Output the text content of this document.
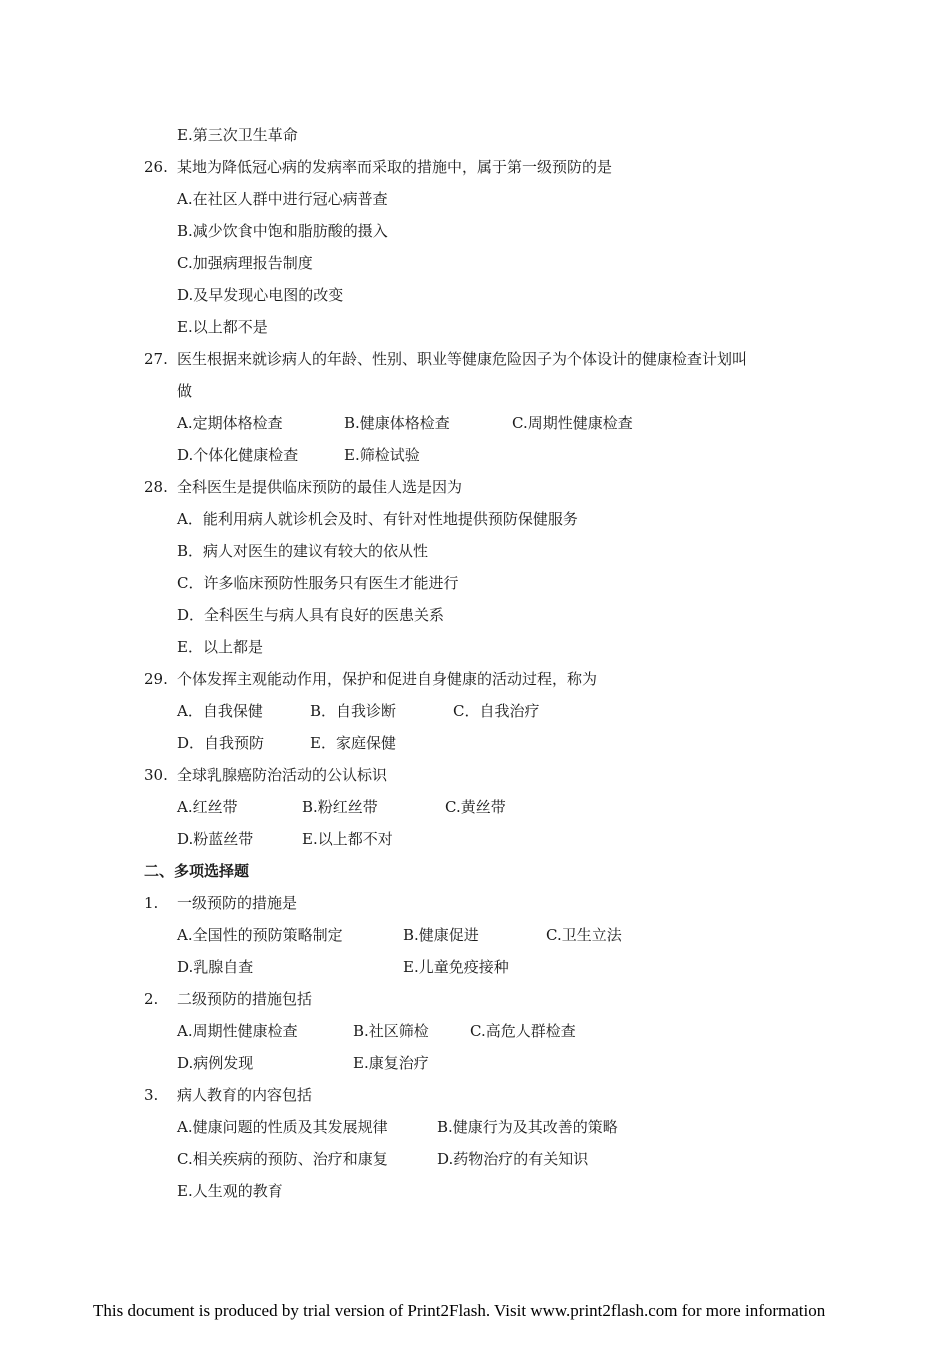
E.第三次卫生革命
26. 某地为降低冠心病的发病率而采取的措施中，属于第一级预防的是
A.在社区人群中进行冠心病普查
B.减少饮食中饱和脂肪酸的摄入
C.加强病理报告制度
D.及早发现心电图的改变
E.以上都不是
27. 医生根据来就诊病人的年龄、性别、职业等健康危险因子为个体设计的健康检查计划叫
做
A.定期体格检查	B.健康体格检查	C.周期性健康检查
D.个体化健康检查	E.筛检试验
28. 全科医生是提供临床预防的最佳人选是因为
A．能利用病人就诊机会及时、有针对性地提供预防保健服务
B．病人对医生的建议有较大的依从性
C．许多临床预防性服务只有医生才能进行
D．全科医生与病人具有良好的医患关系
E．以上都是
29. 个体发挥主观能动作用，保护和促进自身健康的活动过程，称为
A．自我保健	B．自我诊断	C．自我治疗
D．自我预防	E．家庭保健
30. 全球乳腺癌防治活动的公认标识
A.红丝带	B.粉红丝带	C.黄丝带
D.粉蓝丝带	E.以上都不对
二、多项选择题
1. 一级预防的措施是
A.全国性的预防策略制定	B.健康促进	C.卫生立法
D.乳腺自查	E.儿童免疫接种
2. 二级预防的措施包括
A.周期性健康检查	B.社区筛检	C.高危人群检查
D.病例发现	E.康复治疗
3. 病人教育的内容包括
A.健康问题的性质及其发展规律	B.健康行为及其改善的策略
C.相关疾病的预防、治疗和康复	D.药物治疗的有关知识
E.人生观的教育
This document is produced by trial version of Print2Flash. Visit www.print2flash.com for more information
